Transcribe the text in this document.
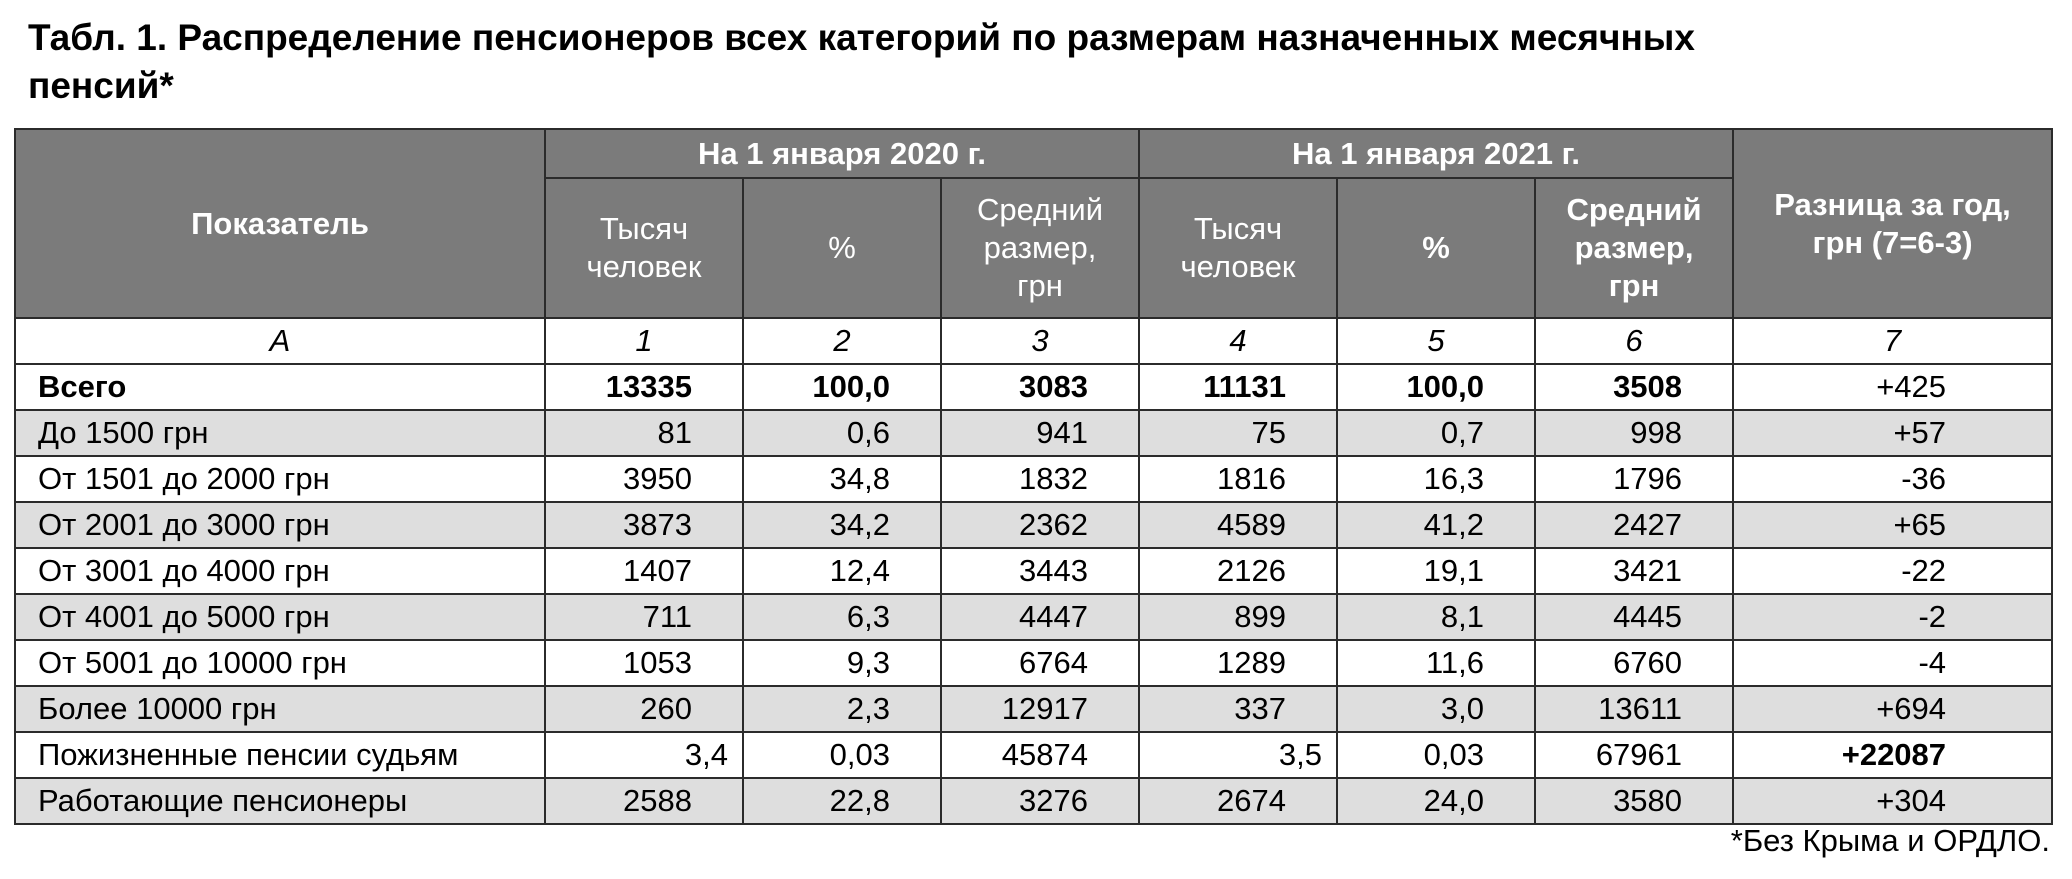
Табл. 1. Распределение пенсионеров всех категорий по размерам назначенных месячных
пенсий*
Показатель	На 1 января 2020 г.			На 1 января 2021 г.			Разница за год, грн (7=6-3)
	Тысяч человек	%	Средний размер, грн	Тысяч человек	%	Средний размер, грн	
А	1	2	3	4	5	6	7
Всего	13335	100,0	3083	11131	100,0	3508	+425
До 1500 грн	81	0,6	941	75	0,7	998	+57
От 1501 до 2000 грн	3950	34,8	1832	1816	16,3	1796	-36
От 2001 до 3000 грн	3873	34,2	2362	4589	41,2	2427	+65
От 3001 до 4000 грн	1407	12,4	3443	2126	19,1	3421	-22
От 4001 до 5000 грн	711	6,3	4447	899	8,1	4445	-2
От 5001 до 10000 грн	1053	9,3	6764	1289	11,6	6760	-4
Более 10000 грн	260	2,3	12917	337	3,0	13611	+694
Пожизненные пенсии судьям	3,4	0,03	45874	3,5	0,03	67961	+22087
Работающие пенсионеры	2588	22,8	3276	2674	24,0	3580	+304
*Без Крыма и ОРДЛО.
